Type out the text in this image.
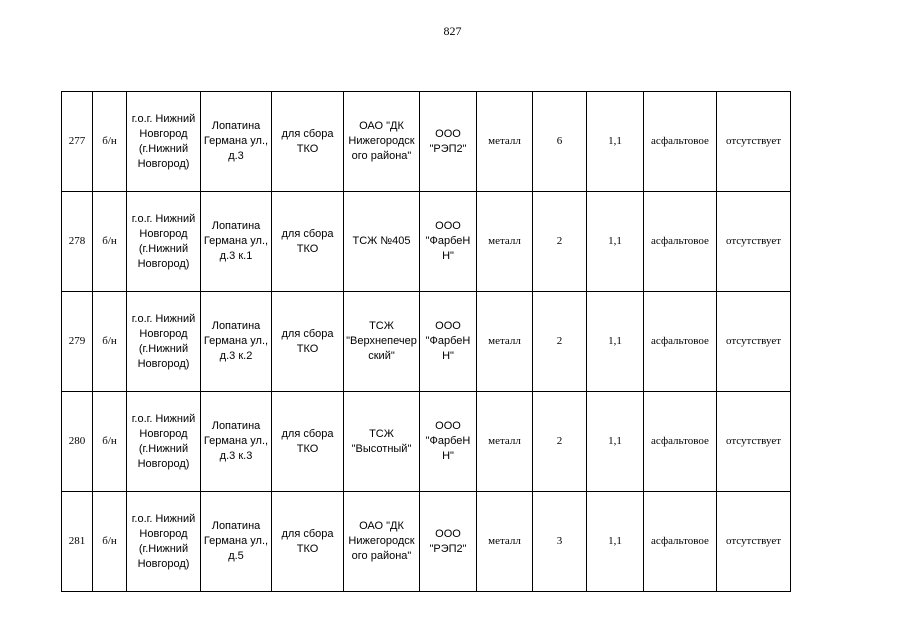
827
277	б/н	г.о.г. Нижний
Новгород
(г.Нижний
Новгород)	Лопатина
Германа ул.,
д.3	для сбора
ТКО	ОАО "ДК
Нижегородск
ого района"	ООО
"РЭП2"	металл	6	1,1	асфальтовое	отсутствует
278	б/н	г.о.г. Нижний
Новгород
(г.Нижний
Новгород)	Лопатина
Германа ул.,
д.3 к.1	для сбора
ТКО	ТСЖ №405	ООО
"ФарбеН
Н"	металл	2	1,1	асфальтовое	отсутствует
279	б/н	г.о.г. Нижний
Новгород
(г.Нижний
Новгород)	Лопатина
Германа ул.,
д.3 к.2	для сбора
ТКО	ТСЖ
"Верхнепечер
ский"	ООО
"ФарбеН
Н"	металл	2	1,1	асфальтовое	отсутствует
280	б/н	г.о.г. Нижний
Новгород
(г.Нижний
Новгород)	Лопатина
Германа ул.,
д.3 к.3	для сбора
ТКО	ТСЖ
"Высотный"	ООО
"ФарбеН
Н"	металл	2	1,1	асфальтовое	отсутствует
281	б/н	г.о.г. Нижний
Новгород
(г.Нижний
Новгород)	Лопатина
Германа ул.,
д.5	для сбора
ТКО	ОАО "ДК
Нижегородск
ого района"	ООО
"РЭП2"	металл	3	1,1	асфальтовое	отсутствует
